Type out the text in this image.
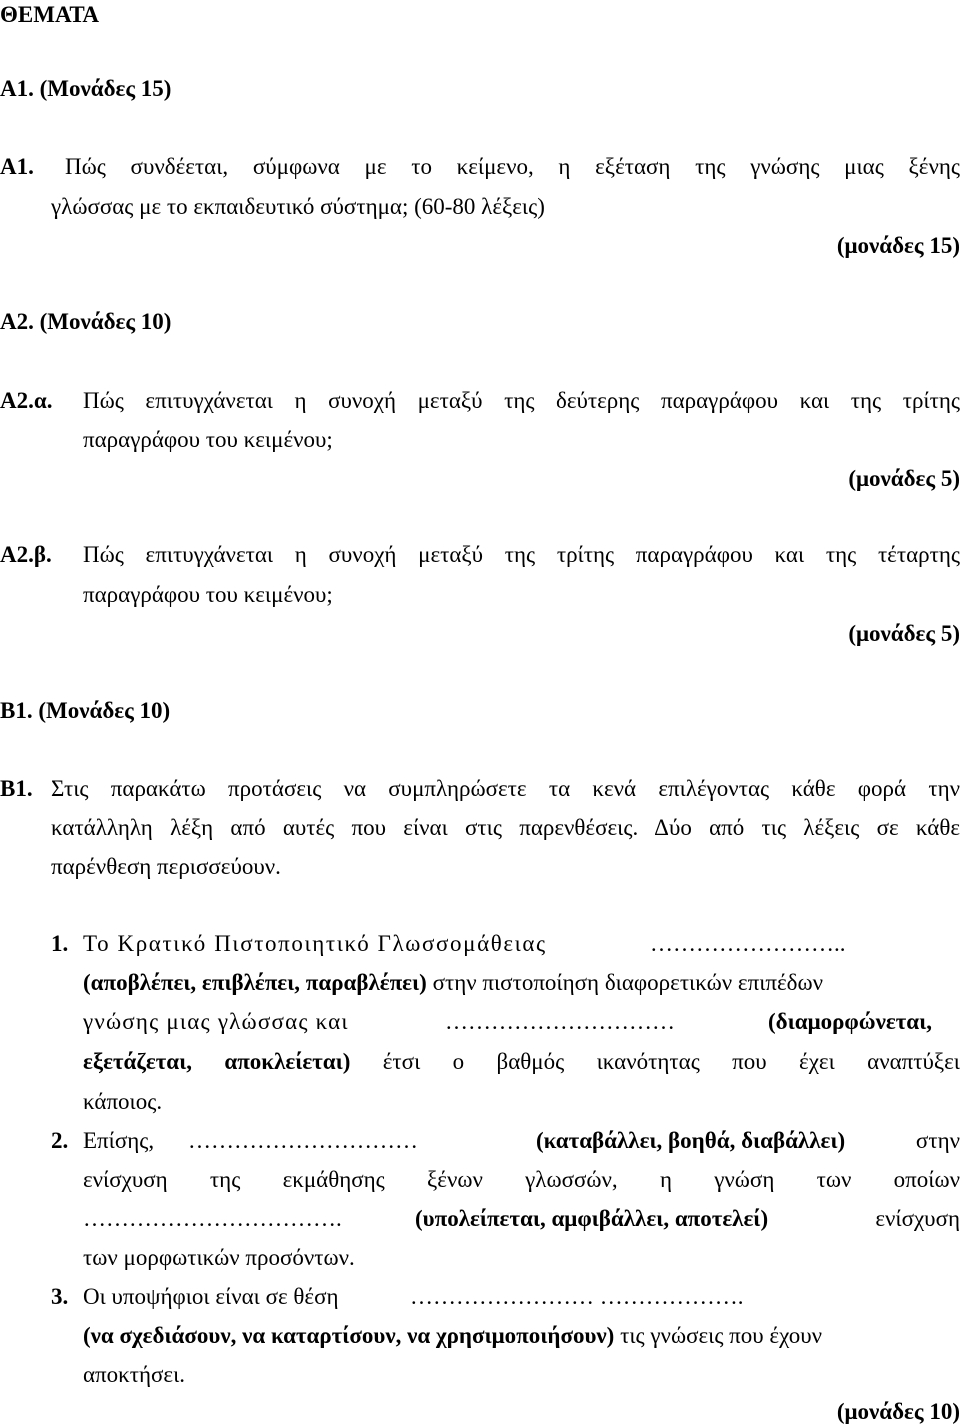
ΘΕΜΑΤΑ
Α1. (Μονάδες 15)
Α1. Πώς συνδέεται, σύμφωνα με το κείμενο, η εξέταση της γνώσης μιας ξένης
γλώσσας με το εκπαιδευτικό σύστημα; (60-80 λέξεις)
(μονάδες 15)
Α2. (Μονάδες 10)
Α2.α. Πώς επιτυγχάνεται η συνοχή μεταξύ της δεύτερης παραγράφου και της τρίτης
παραγράφου του κειμένου;
(μονάδες 5)
Α2.β. Πώς επιτυγχάνεται η συνοχή μεταξύ της τρίτης παραγράφου και της τέταρτης
παραγράφου του κειμένου;
(μονάδες 5)
Β1. (Μονάδες 10)
Β1. Στις παρακάτω προτάσεις να συμπληρώσετε τα κενά επιλέγοντας κάθε φορά την
κατάλληλη λέξη από αυτές που είναι στις παρενθέσεις. Δύο από τις λέξεις σε κάθε
παρένθεση περισσεύουν.
1. Το Κρατικό Πιστοποιητικό Γλωσσομάθειας	……………………..
(αποβλέπει, επιβλέπει, παραβλέπει) στην πιστοποίηση διαφορετικών επιπέδων
γνώσης μιας γλώσσας και	…………………………	(διαμορφώνεται,
εξετάζεται, αποκλείεται) έτσι ο βαθμός ικανότητας που έχει αναπτύξει
κάποιος.
2. Επίσης, …………………………	(καταβάλλει, βοηθά, διαβάλλει)	στην
ενίσχυση της εκμάθησης ξένων γλωσσών, η γνώση των οποίων
…………………………….	(υπολείπεται, αμφιβάλλει, αποτελεί)	ενίσχυση
των μορφωτικών προσόντων.
3. Οι υποψήφιοι είναι σε θέση	…………………… ……………….
(να σχεδιάσουν, να καταρτίσουν, να χρησιμοποιήσουν) τις γνώσεις που έχουν
αποκτήσει.
(μονάδες 10)
